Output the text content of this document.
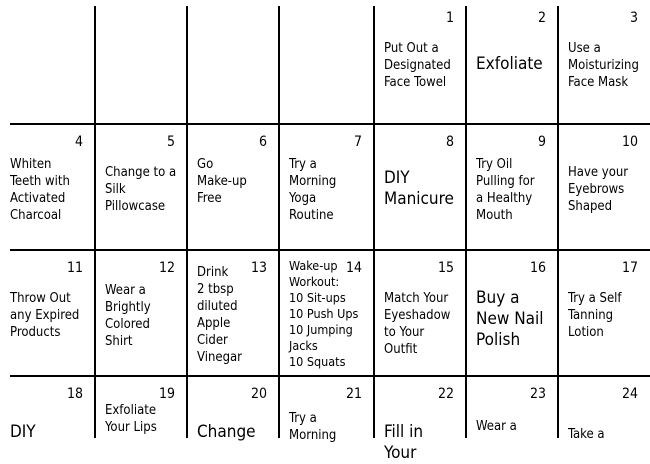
1
Put Out a
Designated
Face Towel
2
Exfoliate
3
Use a
Moisturizing
Face Mask
4
Whiten
Teeth with
Activated
Charcoal
5
Change to a
Silk
Pillowcase
6
Go
Make-up
Free
7
Try a
Morning
Yoga
Routine
8
DIY
Manicure
9
Try Oil
Pulling for
a Healthy
Mouth
10
Have your
Eyebrows
Shaped
11
Throw Out
any Expired
Products
12
Wear a
Brightly
Colored
Shirt
13
Drink
2 tbsp
diluted
Apple
Cider
Vinegar
14
Wake-up
Workout:
10 Sit-ups
10 Push Ups
10 Jumping
Jacks
10 Squats
15
Match Your
Eyeshadow
to Your
Outfit
16
Buy a
New Nail
Polish
17
Try a Self
Tanning
Lotion
18
DIY
19
Exfoliate
Your Lips
20
Change
21
Try a
Morning
22
Fill in Your
23
Wear a
24
Take a
